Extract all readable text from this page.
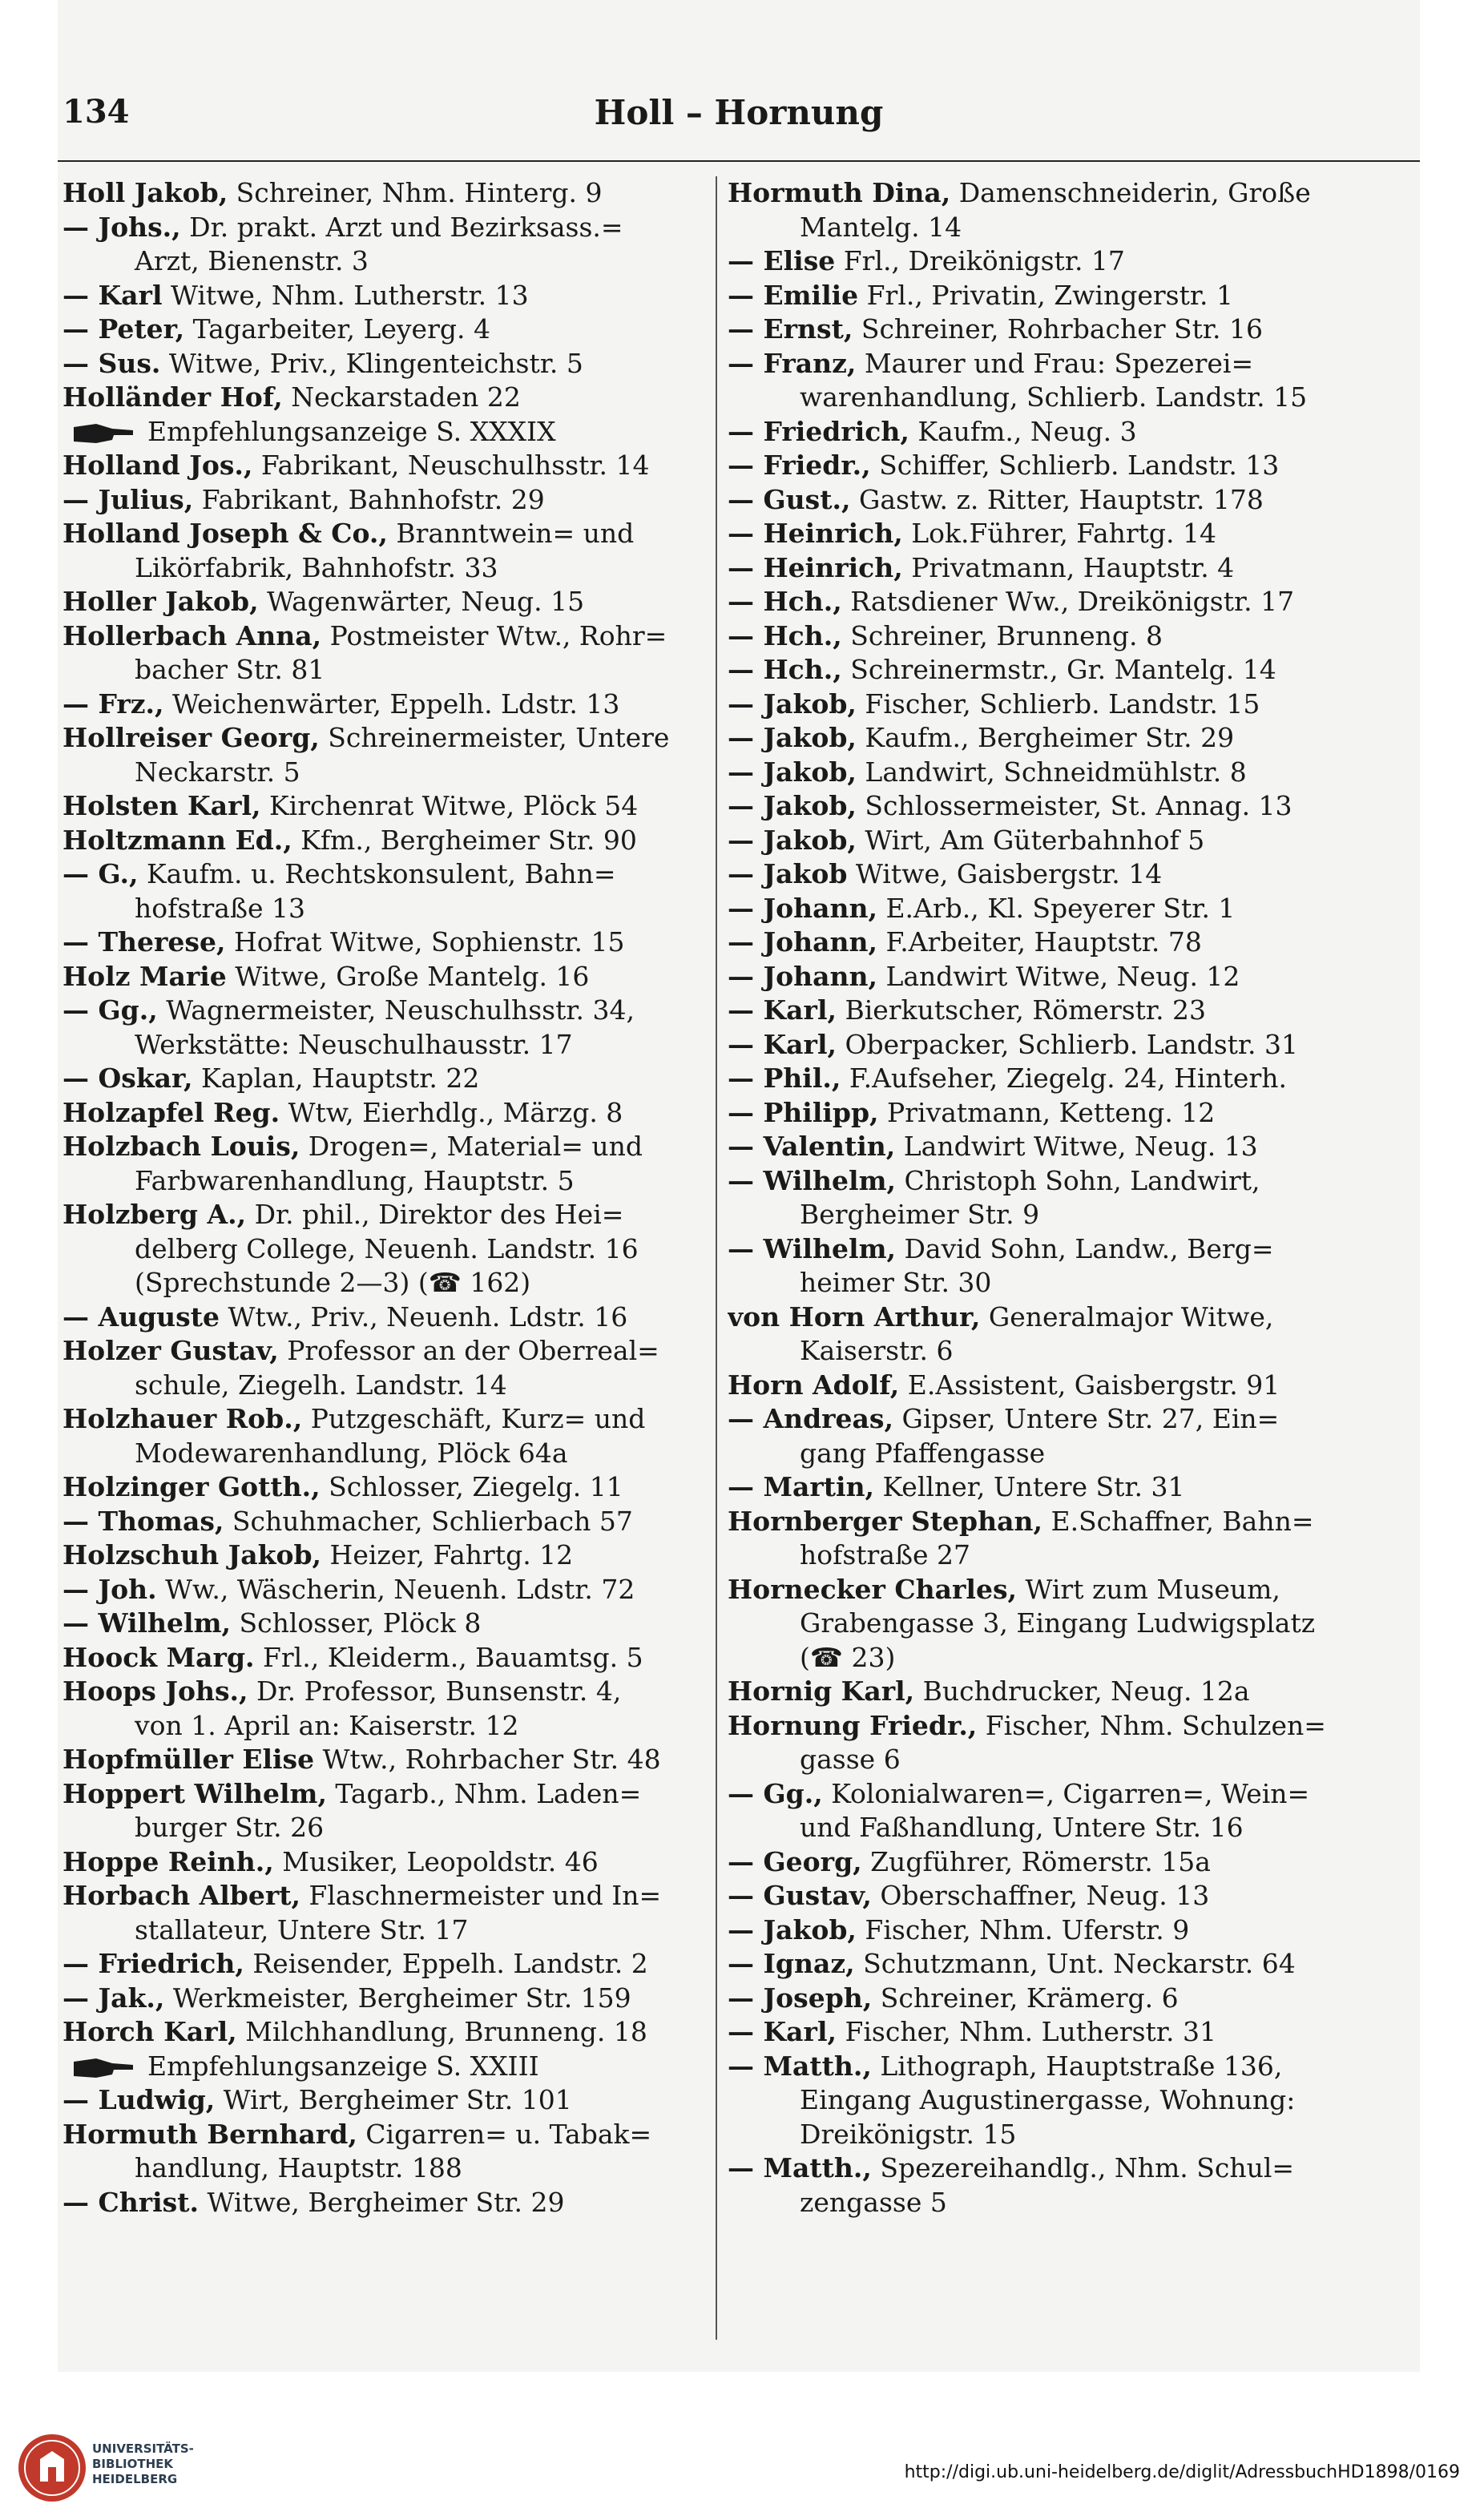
134	Holl – Hornung

Holl Jakob, Schreiner, Nhm. Hinterg. 9

— Johs., Dr. prakt. Arzt und Bezirksass.=

Arzt, Bienenstr. 3

— Karl Witwe, Nhm. Lutherstr. 13

— Peter, Tagarbeiter, Leyerg. 4

— Sus. Witwe, Priv., Klingenteichstr. 5

Holländer Hof, Neckarstaden 22

Empfehlungsanzeige S. XXXIX

Holland Jos., Fabrikant, Neuschulhsstr. 14

— Julius, Fabrikant, Bahnhofstr. 29

Holland Joseph & Co., Branntwein= und

Likörfabrik, Bahnhofstr. 33

Holler Jakob, Wagenwärter, Neug. 15

Hollerbach Anna, Postmeister Wtw., Rohr=

bacher Str. 81

— Frz., Weichenwärter, Eppelh. Ldstr. 13

Hollreiser Georg, Schreinermeister, Untere

Neckarstr. 5

Holsten Karl, Kirchenrat Witwe, Plöck 54

Holtzmann Ed., Kfm., Bergheimer Str. 90

— G., Kaufm. u. Rechtskonsulent, Bahn=

hofstraße 13

— Therese, Hofrat Witwe, Sophienstr. 15

Holz Marie Witwe, Große Mantelg. 16

— Gg., Wagnermeister, Neuschulhsstr. 34,

Werkstätte: Neuschulhausstr. 17

— Oskar, Kaplan, Hauptstr. 22

Holzapfel Reg. Wtw, Eierhdlg., Märzg. 8

Holzbach Louis, Drogen=, Material= und

Farbwarenhandlung, Hauptstr. 5

Holzberg A., Dr. phil., Direktor des Hei=

delberg College, Neuenh. Landstr. 16

(Sprechstunde 2—3) (☎ 162)

— Auguste Wtw., Priv., Neuenh. Ldstr. 16

Holzer Gustav, Professor an der Oberreal=

schule, Ziegelh. Landstr. 14

Holzhauer Rob., Putzgeschäft, Kurz= und

Modewarenhandlung, Plöck 64a

Holzinger Gotth., Schlosser, Ziegelg. 11

— Thomas, Schuhmacher, Schlierbach 57

Holzschuh Jakob, Heizer, Fahrtg. 12

— Joh. Ww., Wäscherin, Neuenh. Ldstr. 72

— Wilhelm, Schlosser, Plöck 8

Hoock Marg. Frl., Kleiderm., Bauamtsg. 5

Hoops Johs., Dr. Professor, Bunsenstr. 4,

von 1. April an: Kaiserstr. 12

Hopfmüller Elise Wtw., Rohrbacher Str. 48

Hoppert Wilhelm, Tagarb., Nhm. Laden=

burger Str. 26

Hoppe Reinh., Musiker, Leopoldstr. 46

Horbach Albert, Flaschnermeister und In=

stallateur, Untere Str. 17

— Friedrich, Reisender, Eppelh. Landstr. 2

— Jak., Werkmeister, Bergheimer Str. 159

Horch Karl, Milchhandlung, Brunneng. 18

Empfehlungsanzeige S. XXIII

— Ludwig, Wirt, Bergheimer Str. 101

Hormuth Bernhard, Cigarren= u. Tabak=

handlung, Hauptstr. 188

— Christ. Witwe, Bergheimer Str. 29

Hormuth Dina, Damenschneiderin, Große

Mantelg. 14

— Elise Frl., Dreikönigstr. 17

— Emilie Frl., Privatin, Zwingerstr. 1

— Ernst, Schreiner, Rohrbacher Str. 16

— Franz, Maurer und Frau: Spezerei=

warenhandlung, Schlierb. Landstr. 15

— Friedrich, Kaufm., Neug. 3

— Friedr., Schiffer, Schlierb. Landstr. 13

— Gust., Gastw. z. Ritter, Hauptstr. 178

— Heinrich, Lok.Führer, Fahrtg. 14

— Heinrich, Privatmann, Hauptstr. 4

— Hch., Ratsdiener Ww., Dreikönigstr. 17

— Hch., Schreiner, Brunneng. 8

— Hch., Schreinermstr., Gr. Mantelg. 14

— Jakob, Fischer, Schlierb. Landstr. 15

— Jakob, Kaufm., Bergheimer Str. 29

— Jakob, Landwirt, Schneidmühlstr. 8

— Jakob, Schlossermeister, St. Annag. 13

— Jakob, Wirt, Am Güterbahnhof 5

— Jakob Witwe, Gaisbergstr. 14

— Johann, E.Arb., Kl. Speyerer Str. 1

— Johann, F.Arbeiter, Hauptstr. 78

— Johann, Landwirt Witwe, Neug. 12

— Karl, Bierkutscher, Römerstr. 23

— Karl, Oberpacker, Schlierb. Landstr. 31

— Phil., F.Aufseher, Ziegelg. 24, Hinterh.

— Philipp, Privatmann, Ketteng. 12

— Valentin, Landwirt Witwe, Neug. 13

— Wilhelm, Christoph Sohn, Landwirt,

Bergheimer Str. 9

— Wilhelm, David Sohn, Landw., Berg=

heimer Str. 30

von Horn Arthur, Generalmajor Witwe,

Kaiserstr. 6

Horn Adolf, E.Assistent, Gaisbergstr. 91

— Andreas, Gipser, Untere Str. 27, Ein=

gang Pfaffengasse

— Martin, Kellner, Untere Str. 31

Hornberger Stephan, E.Schaffner, Bahn=

hofstraße 27

Hornecker Charles, Wirt zum Museum,

Grabengasse 3, Eingang Ludwigsplatz

(☎ 23)

Hornig Karl, Buchdrucker, Neug. 12a

Hornung Friedr., Fischer, Nhm. Schulzen=

gasse 6

— Gg., Kolonialwaren=, Cigarren=, Wein=

und Faßhandlung, Untere Str. 16

— Georg, Zugführer, Römerstr. 15a

— Gustav, Oberschaffner, Neug. 13

— Jakob, Fischer, Nhm. Uferstr. 9

— Ignaz, Schutzmann, Unt. Neckarstr. 64

— Joseph, Schreiner, Krämerg. 6

— Karl, Fischer, Nhm. Lutherstr. 31

— Matth., Lithograph, Hauptstraße 136,

Eingang Augustinergasse, Wohnung:

Dreikönigstr. 15

— Matth., Spezereihandlg., Nhm. Schul=

zengasse 5

UNIVERSITÄTS-
BIBLIOTHEK
HEIDELBERG	http://digi.ub.uni-heidelberg.de/diglit/AdressbuchHD1898/0169
